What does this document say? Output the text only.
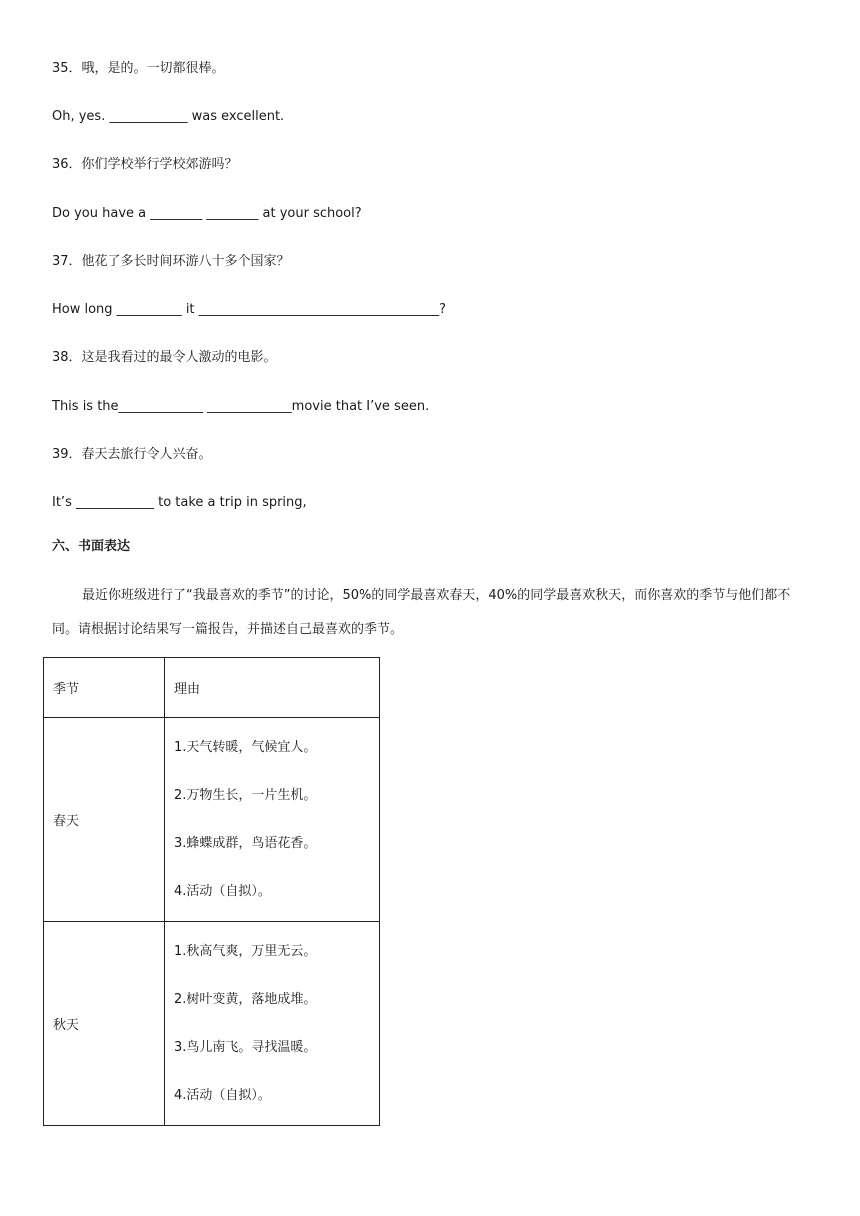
35．哦，是的。一切都很棒。
Oh, yes. ____________ was excellent.
36．你们学校举行学校郊游吗？
Do you have a ________ ________ at your school?
37．他花了多长时间环游八十多个国家？
How long __________ it _____________________________________?
38．这是我看过的最令人激动的电影。
This is the_____________ _____________movie that I’ve seen.
39．春天去旅行令人兴奋。
It’s ____________ to take a trip in spring,
六、书面表达
最近你班级进行了“我最喜欢的季节”的讨论，50%的同学最喜欢春天，40%的同学最喜欢秋天，而你喜欢的季节与他们都不同。请根据讨论结果写一篇报告，并描述自己最喜欢的季节。
季节	理由
春天	1.天气转暖，气候宜人。
2.万物生长，一片生机。
3.蜂蝶成群，鸟语花香。
4.活动（自拟）。

秋天	1.秋高气爽，万里无云。
2.树叶变黄，落地成堆。
3.鸟儿南飞。寻找温暖。
4.活动（自拟）。
